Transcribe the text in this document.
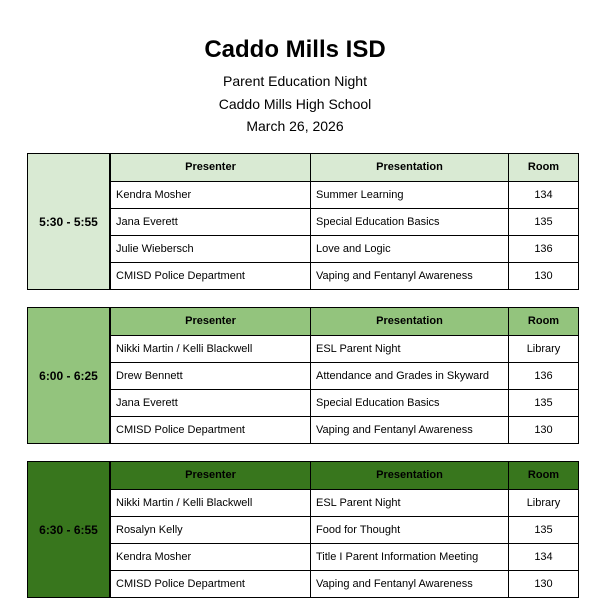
Caddo Mills ISD
Parent Education Night
Caddo Mills High School
March 26, 2026
5:30 - 5:55
Presenter	Presentation	Room
Kendra Mosher	Summer Learning	134
Jana Everett	Special Education Basics	135
Julie Wiebersch	Love and Logic	136
CMISD Police Department	Vaping and Fentanyl Awareness	130
6:00 - 6:25
Presenter	Presentation	Room
Nikki Martin / Kelli Blackwell	ESL Parent Night	Library
Drew Bennett	Attendance and Grades in Skyward	136
Jana Everett	Special Education Basics	135
CMISD Police Department	Vaping and Fentanyl Awareness	130
6:30 - 6:55
Presenter	Presentation	Room
Nikki Martin / Kelli Blackwell	ESL Parent Night	Library
Rosalyn Kelly	Food for Thought	135
Kendra Mosher	Title I Parent Information Meeting	134
CMISD Police Department	Vaping and Fentanyl Awareness	130
